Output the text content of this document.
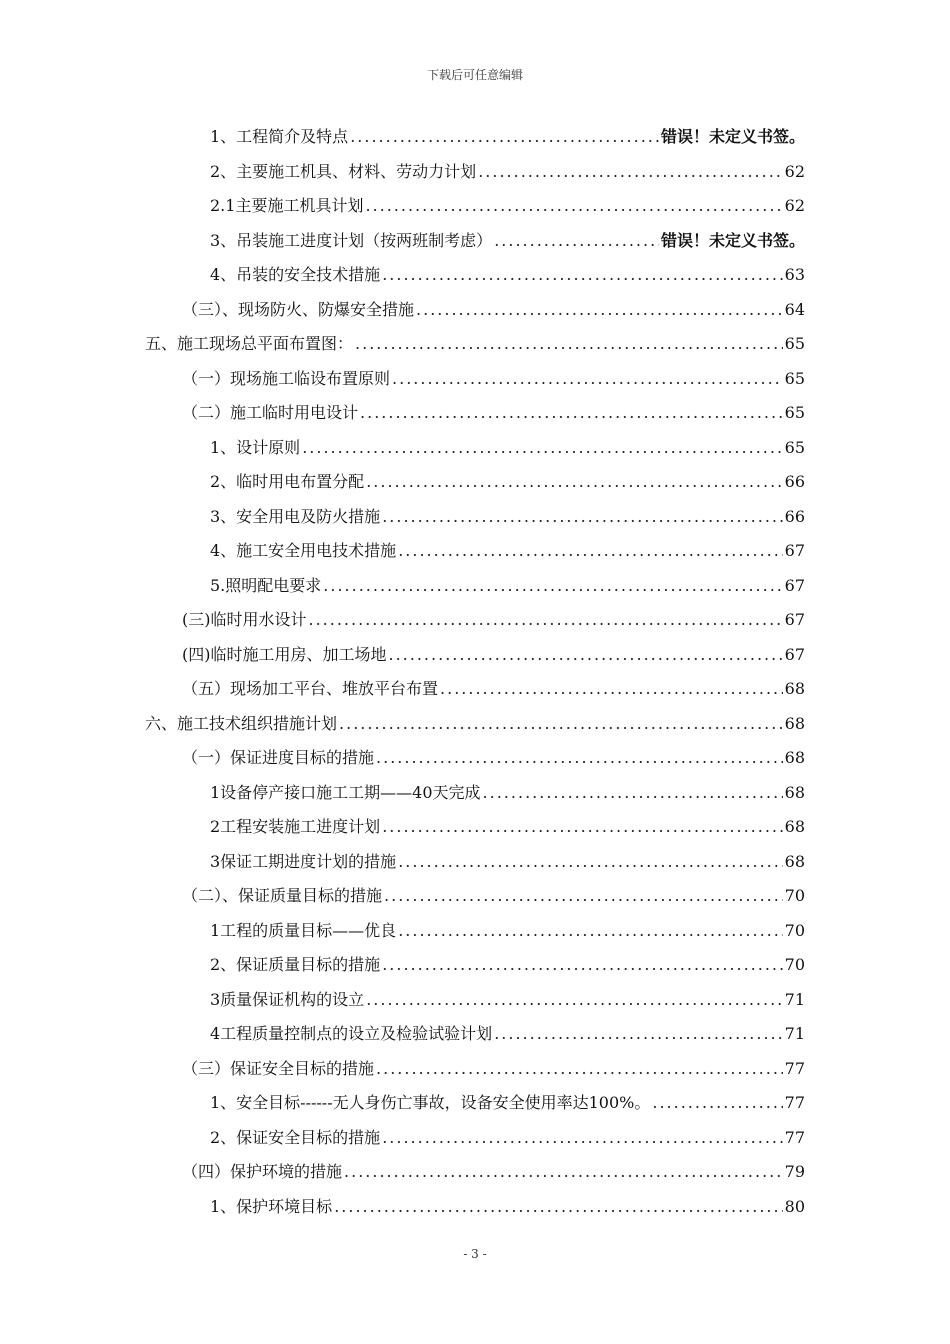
下载后可任意编辑
1、工程简介及特点 .....	错误！未定义书签。
2、主要施工机具、材料、劳动力计划 .....	62
2.1主要施工机具计划 .....	62
3、吊装施工进度计划（按两班制考虑） .....	错误！未定义书签。
4、吊装的安全技术措施 .....	63
（三）、现场防火、防爆安全措施 .....	64
五、施工现场总平面布置图： .....	65
（一）现场施工临设布置原则 .....	65
（二）施工临时用电设计 .....	65
1、设计原则 .....	65
2、临时用电布置分配 .....	66
3、安全用电及防火措施 .....	66
4、施工安全用电技术措施 .....	67
5.照明配电要求 .....	67
(三)临时用水设计 .....	67
(四)临时施工用房、加工场地 .....	67
（五）现场加工平台、堆放平台布置 .....	68
六、施工技术组织措施计划 .....	68
（一）保证进度目标的措施 .....	68
1设备停产接口施工工期——40天完成 .....	68
2工程安装施工进度计划 .....	68
3保证工期进度计划的措施 .....	68
（二）、保证质量目标的措施 .....	70
1工程的质量目标——优良 .....	70
2、保证质量目标的措施 .....	70
3质量保证机构的设立 .....	71
4工程质量控制点的设立及检验试验计划 .....	71
（三）保证安全目标的措施 .....	77
1、安全目标------无人身伤亡事故，设备安全使用率达100%。 .....	77
2、保证安全目标的措施 .....	77
（四）保护环境的措施 .....	79
1、保护环境目标 .....	80
- 3 -
